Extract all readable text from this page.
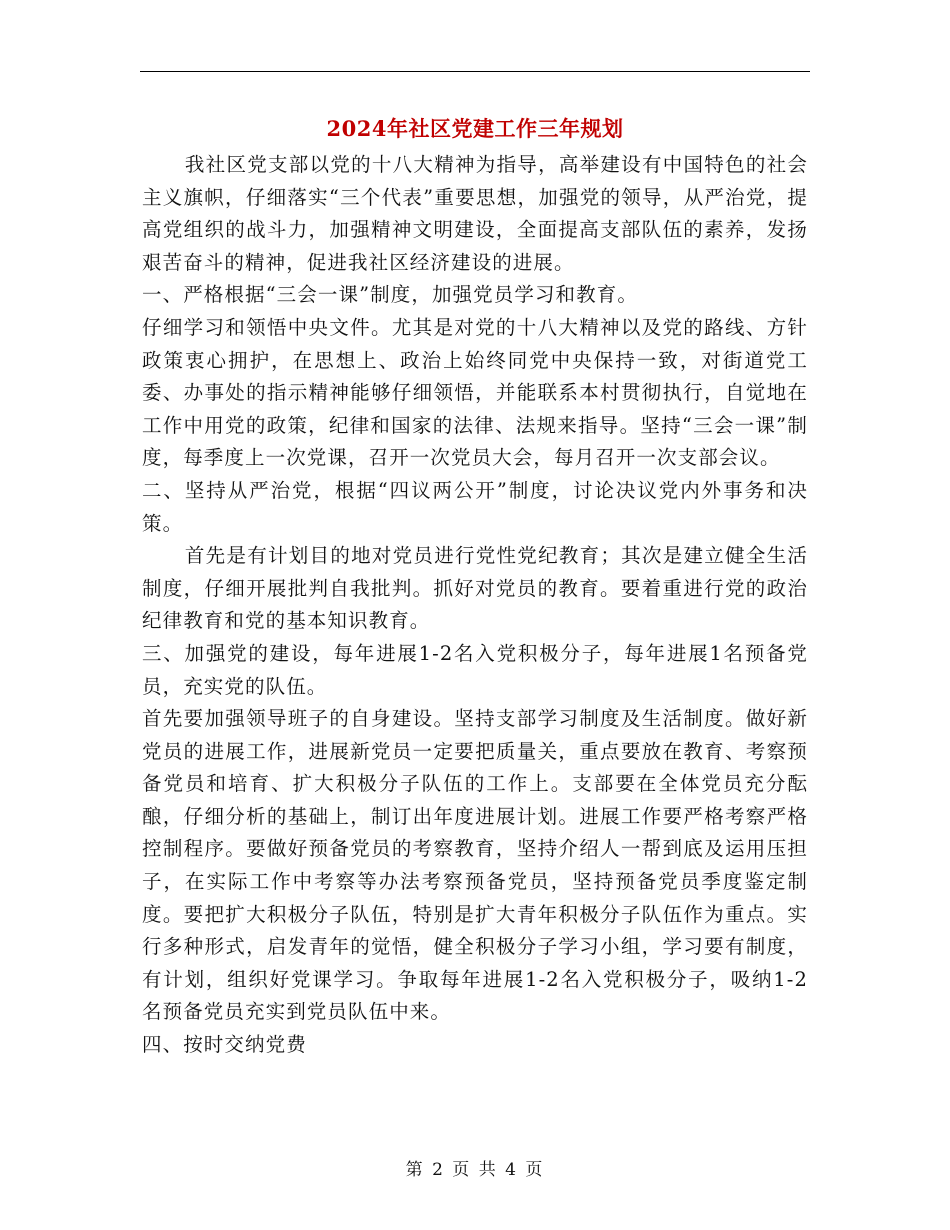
2024年社区党建工作三年规划

我社区党支部以党的十八大精神为指导，高举建设有中国特色的社会主义旗帜，仔细落实“三个代表”重要思想，加强党的领导，从严治党，提高党组织的战斗力，加强精神文明建设，全面提高支部队伍的素养，发扬艰苦奋斗的精神，促进我社区经济建设的进展。

一、严格根据“三会一课”制度，加强党员学习和教育。

仔细学习和领悟中央文件。尤其是对党的十八大精神以及党的路线、方针政策衷心拥护，在思想上、政治上始终同党中央保持一致，对街道党工委、办事处的指示精神能够仔细领悟，并能联系本村贯彻执行，自觉地在工作中用党的政策，纪律和国家的法律、法规来指导。坚持“三会一课”制度，每季度上一次党课，召开一次党员大会，每月召开一次支部会议。

二、坚持从严治党，根据“四议两公开”制度，讨论决议党内外事务和决策。

首先是有计划目的地对党员进行党性党纪教育；其次是建立健全生活制度，仔细开展批判自我批判。抓好对党员的教育。要着重进行党的政治纪律教育和党的基本知识教育。

三、加强党的建设，每年进展1-2名入党积极分子，每年进展1名预备党员，充实党的队伍。

首先要加强领导班子的自身建设。坚持支部学习制度及生活制度。做好新党员的进展工作，进展新党员一定要把质量关，重点要放在教育、考察预备党员和培育、扩大积极分子队伍的工作上。支部要在全体党员充分酝酿，仔细分析的基础上，制订出年度进展计划。进展工作要严格考察严格控制程序。要做好预备党员的考察教育，坚持介绍人一帮到底及运用压担子，在实际工作中考察等办法考察预备党员，坚持预备党员季度鉴定制度。要把扩大积极分子队伍，特别是扩大青年积极分子队伍作为重点。实行多种形式，启发青年的觉悟，健全积极分子学习小组，学习要有制度，有计划，组织好党课学习。争取每年进展1-2名入党积极分子，吸纳1-2名预备党员充实到党员队伍中来。

四、按时交纳党费

第 2 页 共 4 页
